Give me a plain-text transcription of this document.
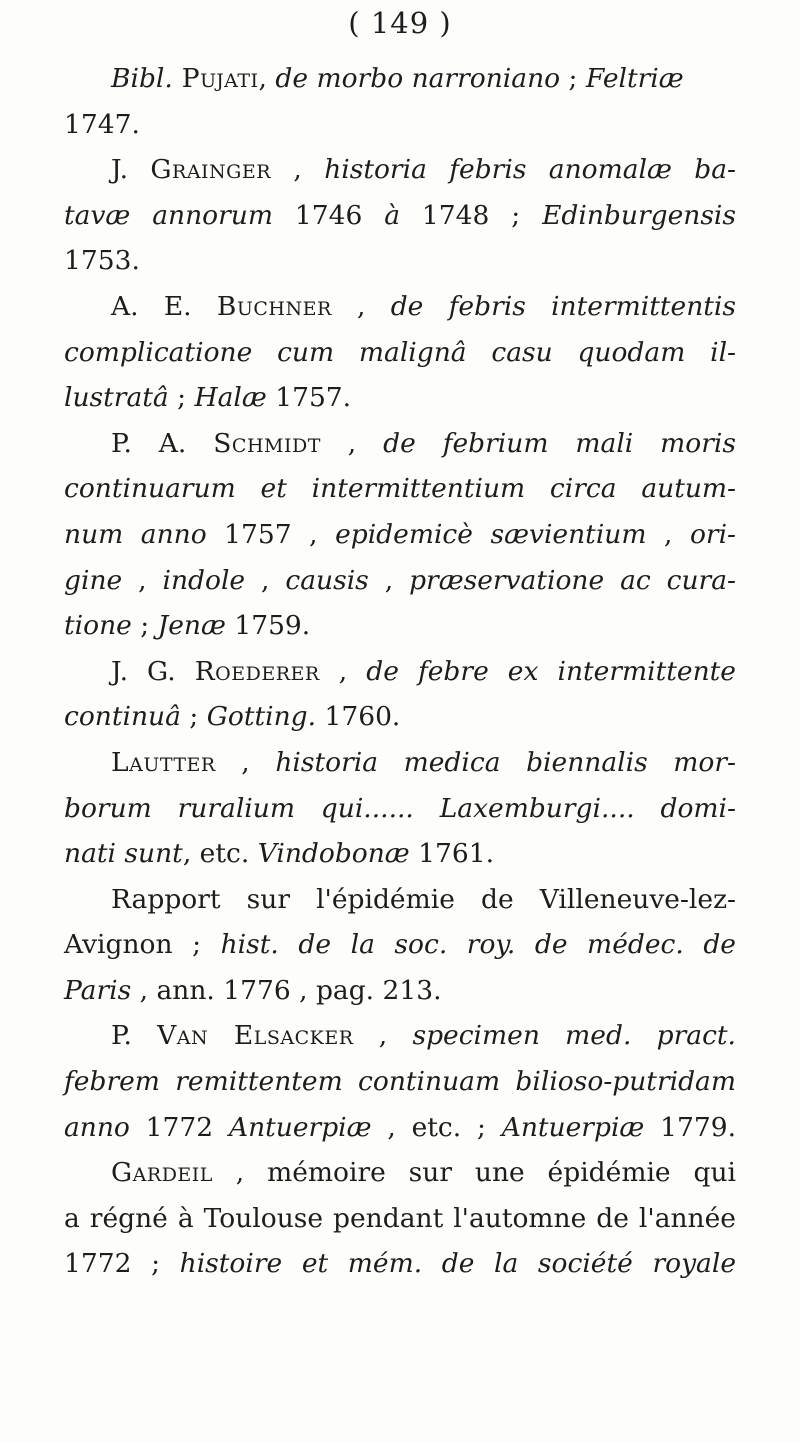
( 149 )
Bibl. Pujati, de morbo narroniano ; Feltriæ
1747.
J. Grainger , historia febris anomalæ ba-
tavæ annorum 1746 à 1748 ; Edinburgensis
1753.
A. E. Buchner , de febris intermittentis
complicatione cum malignâ casu quodam il-
lustratâ ; Halæ 1757.
P. A. Schmidt , de febrium mali moris
continuarum et intermittentium circa autum-
num anno 1757 , epidemicè sævientium , ori-
gine , indole , causis , præservatione ac cura-
tione ; Jenæ 1759.
J. G. Roederer , de febre ex intermittente
continuâ ; Gotting. 1760.
Lautter , historia medica biennalis mor-
borum ruralium qui...... Laxemburgi.... domi-
nati sunt, etc. Vindobonæ 1761.
Rapport sur l'épidémie de Villeneuve-lez-
Avignon ; hist. de la soc. roy. de médec. de
Paris , ann. 1776 , pag. 213.
P. Van Elsacker , specimen med. pract.
febrem remittentem continuam bilioso-putridam
anno 1772 Antuerpiæ , etc. ; Antuerpiæ 1779.
Gardeil , mémoire sur une épidémie qui
a régné à Toulouse pendant l'automne de l'année
1772 ; histoire et mém. de la société royale
